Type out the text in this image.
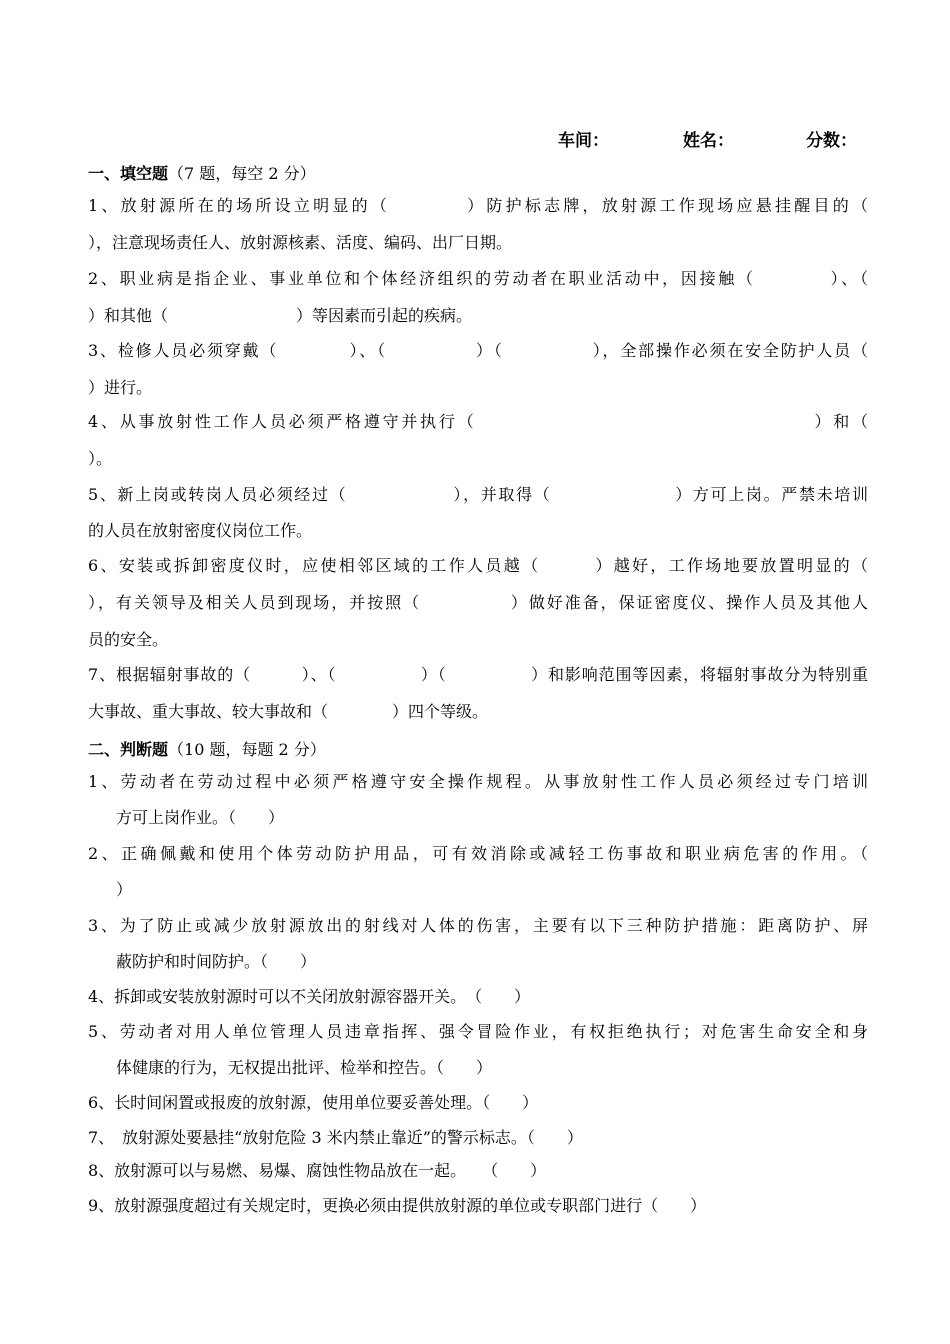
车间：	姓名：	分数：
一、填空题（7 题，每空 2 分）
1、放射源所在的场所设立明显的（　　　　）防护标志牌，放射源工作现场应悬挂醒目的（
），注意现场责任人、放射源核素、活度、编码、出厂日期。
2、职业病是指企业、事业单位和个体经济组织的劳动者在职业活动中，因接触（　　　　）、（
）和其他（　　　　　　　　）等因素而引起的疾病。
3、检修人员必须穿戴（　　　　）、（　　　　　）（　　　　　），全部操作必须在安全防护人员（
）进行。
4、从事放射性工作人员必须严格遵守并执行（　　　　　　　　　　　　　　　　　　）和（
）。
5、新上岗或转岗人员必须经过（　　　　　　），并取得（　　　　　　　）方可上岗。严禁未培训
的人员在放射密度仪岗位工作。
6、安装或拆卸密度仪时，应使相邻区域的工作人员越（　　　）越好，工作场地要放置明显的（
），有关领导及相关人员到现场，并按照（　　　　　）做好准备，保证密度仪、操作人员及其他人
员的安全。
7、根据辐射事故的（　　　）、（　　　　　）（　　　　　）和影响范围等因素，将辐射事故分为特别重
大事故、重大事故、较大事故和（　　　　）四个等级。
二、判断题（10 题，每题 2 分）
1、劳动者在劳动过程中必须严格遵守安全操作规程。从事放射性工作人员必须经过专门培训
方可上岗作业。（　　）
2、正确佩戴和使用个体劳动防护用品，可有效消除或减轻工伤事故和职业病危害的作用。（
）
3、为了防止或减少放射源放出的射线对人体的伤害，主要有以下三种防护措施：距离防护、屏
蔽防护和时间防护。（　　）
4、拆卸或安装放射源时可以不关闭放射源容器开关。　（　　）
5、劳动者对用人单位管理人员违章指挥、强令冒险作业，有权拒绝执行；对危害生命安全和身
体健康的行为，无权提出批评、检举和控告。（　　）
6、长时间闲置或报废的放射源，使用单位要妥善处理。（　　）
7、　放射源处要悬挂“放射危险 3 米内禁止靠近”的警示标志。（　　）
8、放射源可以与易燃、易爆、腐蚀性物品放在一起。　　（　　）
9、放射源强度超过有关规定时，更换必须由提供放射源的单位或专职部门进行（　　）
